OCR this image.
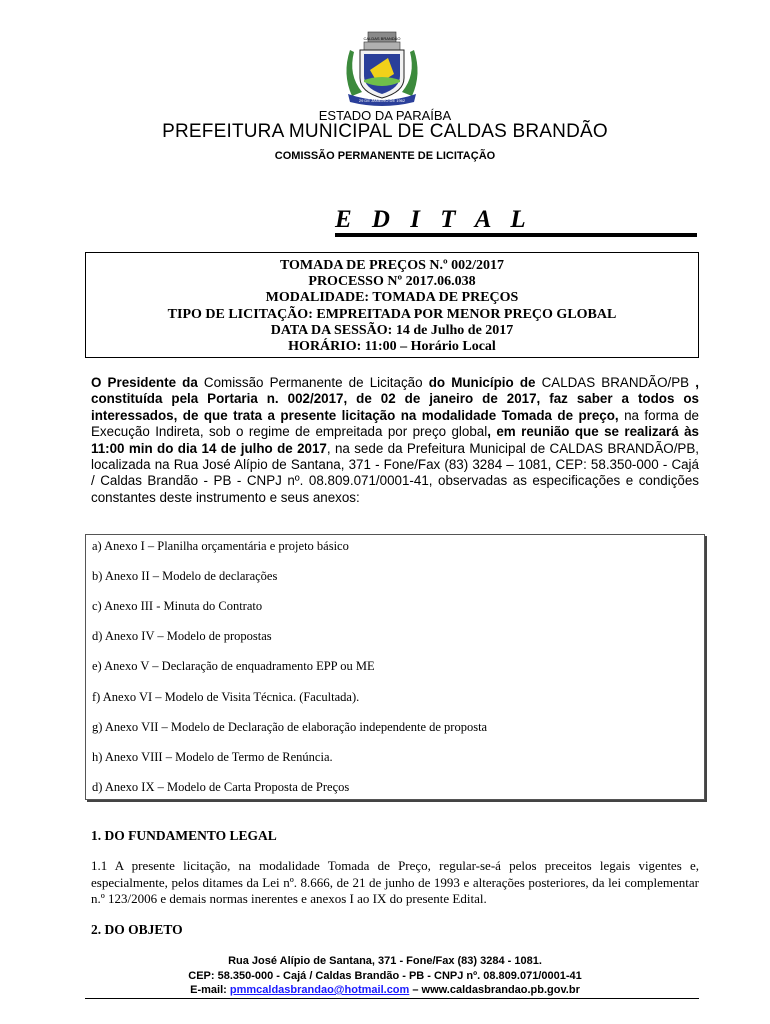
CALDAS BRANDÃO
29 DE JANEIRO DE 1962
ESTADO DA PARAÍBA
PREFEITURA MUNICIPAL DE CALDAS BRANDÃO
COMISSÃO PERMANENTE DE LICITAÇÃO
E D I T A L
TOMADA DE PREÇOS N.º 002/2017
PROCESSO Nº 2017.06.038
MODALIDADE: TOMADA DE PREÇOS
TIPO DE LICITAÇÃO: EMPREITADA POR MENOR PREÇO GLOBAL
DATA DA SESSÃO: 14 de Julho de 2017
HORÁRIO: 11:00 – Horário Local
O Presidente da Comissão Permanente de Licitação do Município de CALDAS BRANDÃO/PB , constituída pela Portaria n. 002/2017, de 02 de janeiro de 2017, faz saber a todos os interessados, de que trata a presente licitação na modalidade Tomada de preço, na forma de Execução Indireta, sob o regime de empreitada por preço global, em reunião que se realizará às 11:00 min do dia 14 de julho de 2017, na sede da Prefeitura Municipal de CALDAS BRANDÃO/PB, localizada na Rua José Alípio de Santana, 371 - Fone/Fax (83) 3284 – 1081, CEP: 58.350-000 - Cajá / Caldas Brandão - PB - CNPJ nº. 08.809.071/0001-41, observadas as especificações e condições constantes deste instrumento e seus anexos:
a) Anexo I – Planilha orçamentária e projeto básico
b) Anexo II – Modelo de declarações
c) Anexo III - Minuta do Contrato
d) Anexo IV – Modelo de propostas
e) Anexo V – Declaração de enquadramento EPP ou ME
f) Anexo VI – Modelo de Visita Técnica. (Facultada).
g) Anexo VII – Modelo de Declaração de elaboração independente de proposta
h) Anexo VIII – Modelo de Termo de Renúncia.
d) Anexo IX – Modelo de Carta Proposta de Preços
1. DO FUNDAMENTO LEGAL
1.1 A presente licitação, na modalidade Tomada de Preço, regular-se-á pelos preceitos legais vigentes e, especialmente, pelos ditames da Lei nº. 8.666, de 21 de junho de 1993 e alterações posteriores, da lei complementar n.º 123/2006 e demais normas inerentes e anexos I ao IX do presente Edital.
2. DO OBJETO
Rua José Alípio de Santana, 371 - Fone/Fax (83) 3284 - 1081.
CEP: 58.350-000 - Cajá / Caldas Brandão - PB - CNPJ nº. 08.809.071/0001-41
E-mail: pmmcaldasbrandao@hotmail.com – www.caldasbrandao.pb.gov.br
